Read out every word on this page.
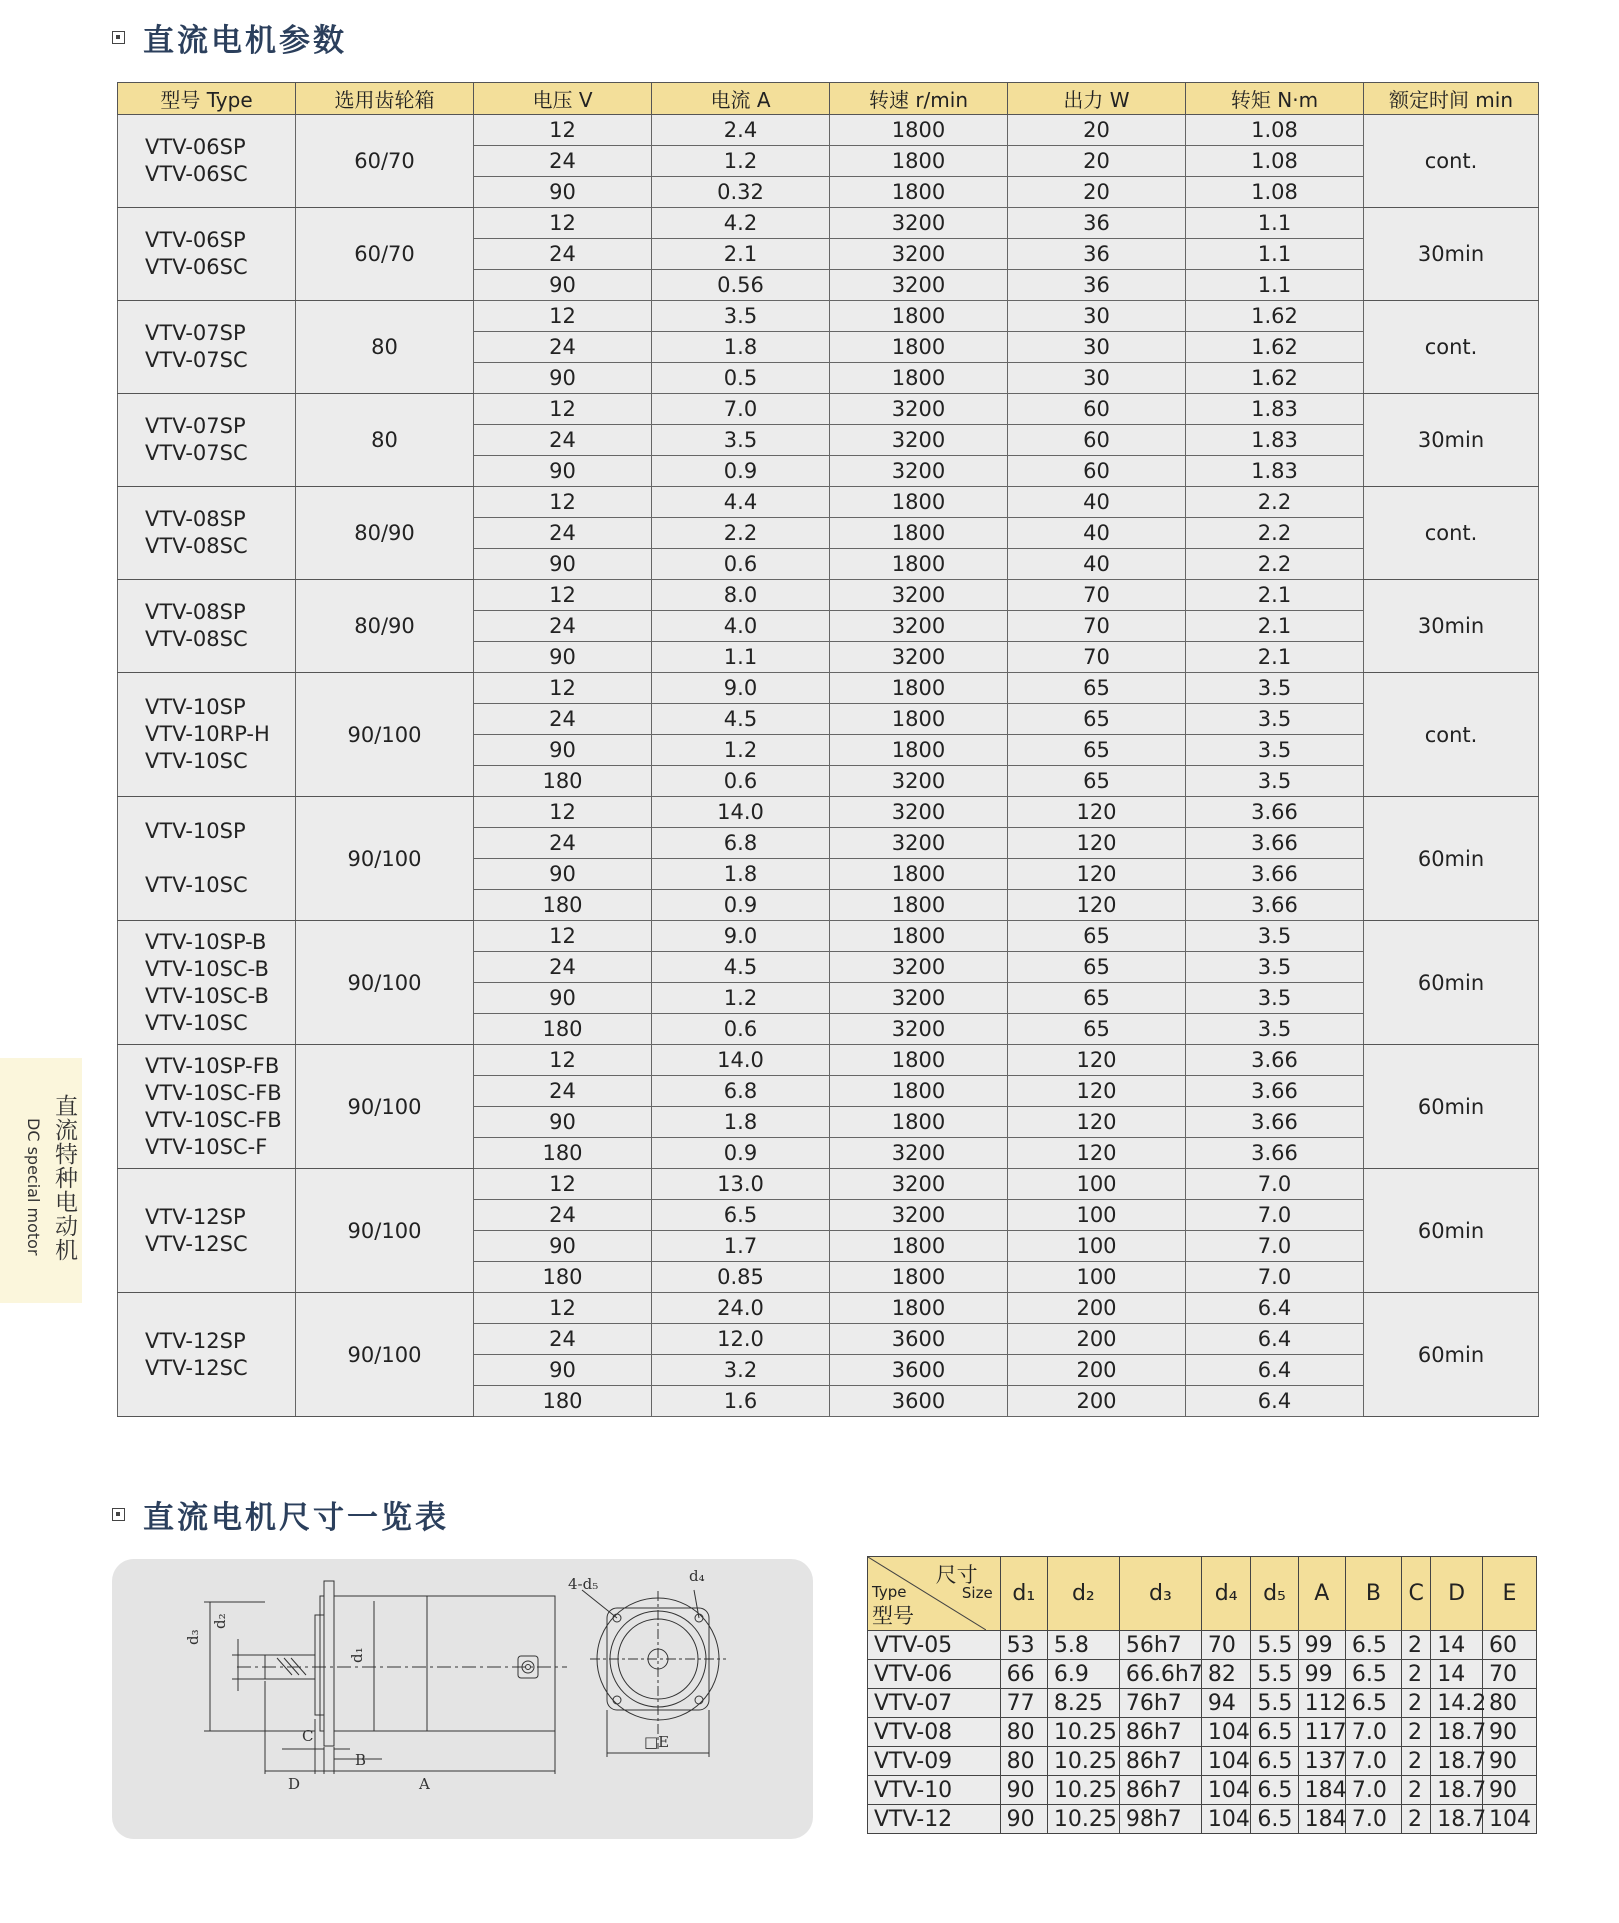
直流电机参数
型号 Type	选用齿轮箱	电压 V	电流 A	转速 r/min	出力 W	转矩 N·m	额定时间 min
VTV-06SP
VTV-06SC	60/70	12	2.4	1800	20	1.08	cont.
		24	1.2	1800	20	1.08	
		90	0.32	1800	20	1.08	
VTV-06SP
VTV-06SC	60/70	12	4.2	3200	36	1.1	30min
		24	2.1	3200	36	1.1	
		90	0.56	3200	36	1.1	
VTV-07SP
VTV-07SC	80	12	3.5	1800	30	1.62	cont.
		24	1.8	1800	30	1.62	
		90	0.5	1800	30	1.62	
VTV-07SP
VTV-07SC	80	12	7.0	3200	60	1.83	30min
		24	3.5	3200	60	1.83	
		90	0.9	3200	60	1.83	
VTV-08SP
VTV-08SC	80/90	12	4.4	1800	40	2.2	cont.
		24	2.2	1800	40	2.2	
		90	0.6	1800	40	2.2	
VTV-08SP
VTV-08SC	80/90	12	8.0	3200	70	2.1	30min
		24	4.0	3200	70	2.1	
		90	1.1	3200	70	2.1	
VTV-10SP
VTV-10RP-H
VTV-10SC	90/100	12	9.0	1800	65	3.5	cont.
		24	4.5	1800	65	3.5	
		90	1.2	1800	65	3.5	
		180	0.6	3200	65	3.5	
VTV-10SP

VTV-10SC	90/100	12	14.0	3200	120	3.66	60min
		24	6.8	3200	120	3.66	
		90	1.8	1800	120	3.66	
		180	0.9	1800	120	3.66	
VTV-10SP-B
VTV-10SC-B
VTV-10SC-B
VTV-10SC	90/100	12	9.0	1800	65	3.5	60min
		24	4.5	3200	65	3.5	
		90	1.2	3200	65	3.5	
		180	0.6	3200	65	3.5	
VTV-10SP-FB
VTV-10SC-FB
VTV-10SC-FB
VTV-10SC-F	90/100	12	14.0	1800	120	3.66	60min
		24	6.8	1800	120	3.66	
		90	1.8	1800	120	3.66	
		180	0.9	3200	120	3.66	
VTV-12SP
VTV-12SC	90/100	12	13.0	3200	100	7.0	60min
		24	6.5	3200	100	7.0	
		90	1.7	1800	100	7.0	
		180	0.85	1800	100	7.0	
VTV-12SP
VTV-12SC	90/100	12	24.0	1800	200	6.4	60min
		24	12.0	3600	200	6.4	
		90	3.2	3600	200	6.4	
		180	1.6	3600	200	6.4	
直流特种电动机
DC special motor
直流电机尺寸一览表
d₃
d₂
d₁
C
B
D	A
4-d₅	d₄
□E
尺寸
Type Size
型号	d₁	d₂	d₃	d₄	d₅	A	B	C	D	E
VTV-05	53	5.8	56h7	70	5.5	99	6.5	2	14	60
VTV-06	66	6.9	66.6h7	82	5.5	99	6.5	2	14	70
VTV-07	77	8.25	76h7	94	5.5	112	6.5	2	14.2	80
VTV-08	80	10.25	86h7	104	6.5	117	7.0	2	18.7	90
VTV-09	80	10.25	86h7	104	6.5	137	7.0	2	18.7	90
VTV-10	90	10.25	86h7	104	6.5	184	7.0	2	18.7	90
VTV-12	90	10.25	98h7	104	6.5	184	7.0	2	18.7	104
